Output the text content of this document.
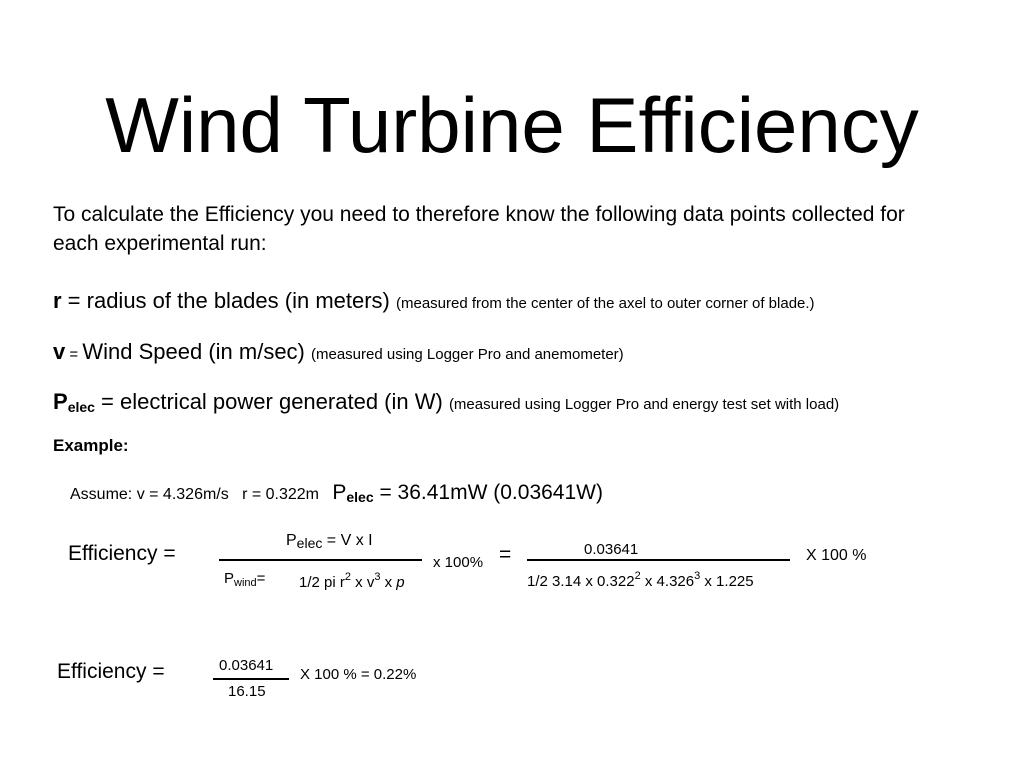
Wind Turbine Efficiency
To calculate the Efficiency you need to therefore know the following data points collected for each experimental run:
r = radius of the blades (in meters) (measured from the center of the axel to outer corner of blade.)
v = Wind Speed (in m/sec) (measured using Logger Pro and anemometer)
$P_{elec}$ = electrical power generated (in W) (measured using Logger Pro and energy test set with load)
Example:
Assume: v = 4.326m/s r = 0.322m $P_{elec} = 36.41mW$ (0.03641W)
Efficiency =
$P_{elec} = V$ x I
$P_{wind}= 1/2$ pi $r^2$ x $v^3$ x p
x 100% =	0.03641
1/2 3.14 x 0.322$^2$ x 4.326$^3$ x 1.225
X 100 %
Efficiency =	0.03641
16.15
X 100 % = 0.22%
